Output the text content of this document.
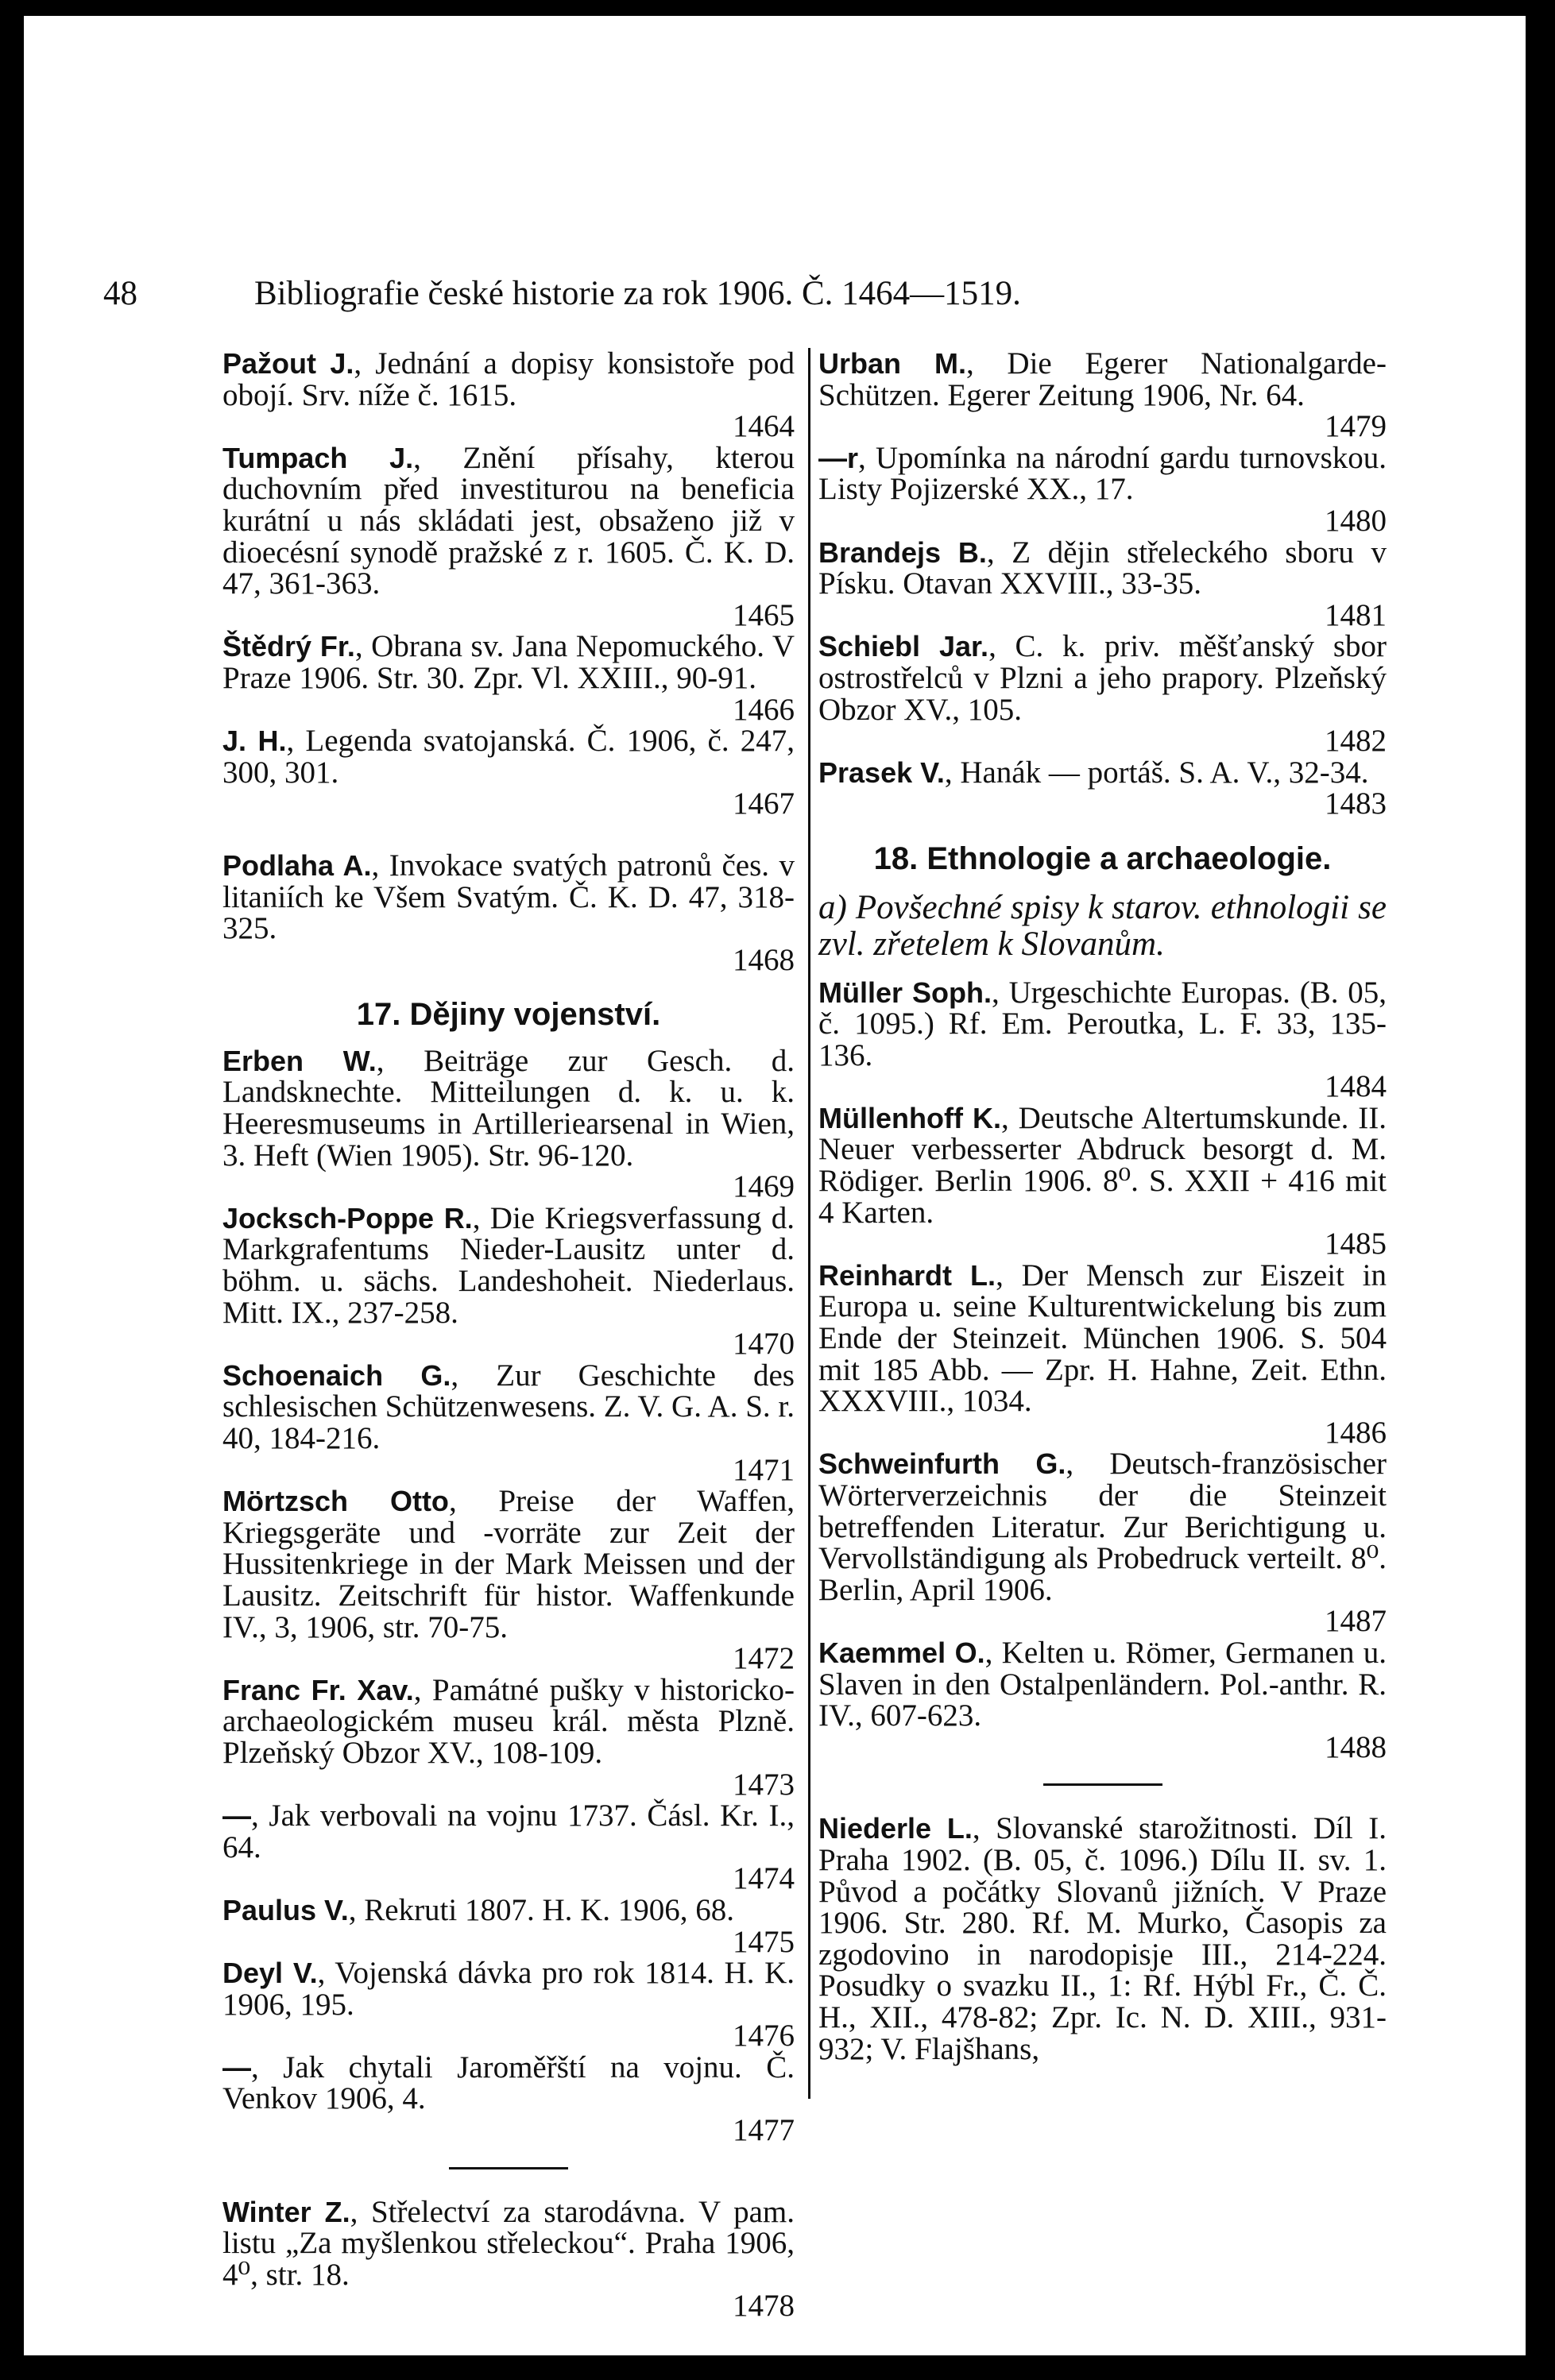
48	Bibliografie české historie za rok 1906. Č. 1464—1519.

Pažout J., Jednání a dopisy konsistoře pod obojí. Srv. níže č. 1615.
1464

Tumpach J., Znění přísahy, kterou duchovním před investiturou na beneficia kurátní u nás skládati jest, obsaženo již v dioecésní synodě pražské z r. 1605. Č. K. D. 47, 361-363.
1465

Štědrý Fr., Obrana sv. Jana Nepomuckého. V Praze 1906. Str. 30. Zpr. Vl. XXIII., 90-91.
1466

J. H., Legenda svatojanská. Č. 1906, č. 247, 300, 301.
1467

Podlaha A., Invokace svatých patronů čes. v litaniích ke Všem Svatým. Č. K. D. 47, 318-325.
1468

17. Dějiny vojenství.

Erben W., Beiträge zur Gesch. d. Landsknechte. Mitteilungen d. k. u. k. Heeresmuseums in Artilleriearsenal in Wien, 3. Heft (Wien 1905). Str. 96-120.
1469

Jocksch-Poppe R., Die Kriegsverfassung d. Markgrafentums Nieder-Lausitz unter d. böhm. u. sächs. Landeshoheit. Niederlaus. Mitt. IX., 237-258.
1470

Schoenaich G., Zur Geschichte des schlesischen Schützenwesens. Z. V. G. A. S. r. 40, 184-216.
1471

Mörtzsch Otto, Preise der Waffen, Kriegsgeräte und -vorräte zur Zeit der Hussitenkriege in der Mark Meissen und der Lausitz. Zeitschrift für histor. Waffenkunde IV., 3, 1906, str. 70-75.
1472

Franc Fr. Xav., Památné pušky v historicko-archaeologickém museu král. města Plzně. Plzeňský Obzor XV., 108-109.
1473

—, Jak verbovali na vojnu 1737. Čásl. Kr. I., 64.
1474

Paulus V., Rekruti 1807. H. K. 1906, 68.
1475

Deyl V., Vojenská dávka pro rok 1814. H. K. 1906, 195.
1476

—, Jak chytali Jaroměřští na vojnu. Č. Venkov 1906, 4.
1477

Winter Z., Střelectví za starodávna. V pam. listu „Za myšlenkou střeleckou“. Praha 1906, 4⁰, str. 18.
1478

Urban M., Die Egerer Nationalgarde-Schützen. Egerer Zeitung 1906, Nr. 64.
1479

—r, Upomínka na národní gardu turnovskou. Listy Pojizerské XX., 17.
1480

Brandejs B., Z dějin střeleckého sboru v Písku. Otavan XXVIII., 33-35.
1481

Schiebl Jar., C. k. priv. měšťanský sbor ostrostřelců v Plzni a jeho prapory. Plzeňský Obzor XV., 105.
1482

Prasek V., Hanák — portáš. S. A. V., 32-34.
1483

18. Ethnologie a archaeologie.
a) Povšechné spisy k starov. ethnologii se zvl. zřetelem k Slovanům.

Müller Soph., Urgeschichte Europas. (B. 05, č. 1095.) Rf. Em. Peroutka, L. F. 33, 135-136.
1484

Müllenhoff K., Deutsche Altertumskunde. II. Neuer verbesserter Abdruck besorgt d. M. Rödiger. Berlin 1906. 8⁰. S. XXII + 416 mit 4 Karten.
1485

Reinhardt L., Der Mensch zur Eiszeit in Europa u. seine Kulturentwickelung bis zum Ende der Steinzeit. München 1906. S. 504 mit 185 Abb. — Zpr. H. Hahne, Zeit. Ethn. XXXVIII., 1034.
1486

Schweinfurth G., Deutsch-französischer Wörterverzeichnis der die Steinzeit betreffenden Literatur. Zur Berichtigung u. Vervollständigung als Probedruck verteilt. 8⁰. Berlin, April 1906.
1487

Kaemmel O., Kelten u. Römer, Germanen u. Slaven in den Ostalpenländern. Pol.-anthr. R. IV., 607-623.
1488

Niederle L., Slovanské starožitnosti. Díl I. Praha 1902. (B. 05, č. 1096.) Dílu II. sv. 1. Původ a počátky Slovanů jižních. V Praze 1906. Str. 280. Rf. M. Murko, Časopis za zgodovino in narodopisje III., 214-224. Posudky o svazku II., 1: Rf. Hýbl Fr., Č. Č. H., XII., 478-82; Zpr. Ic. N. D. XIII., 931-932; V. Flajšhans,
